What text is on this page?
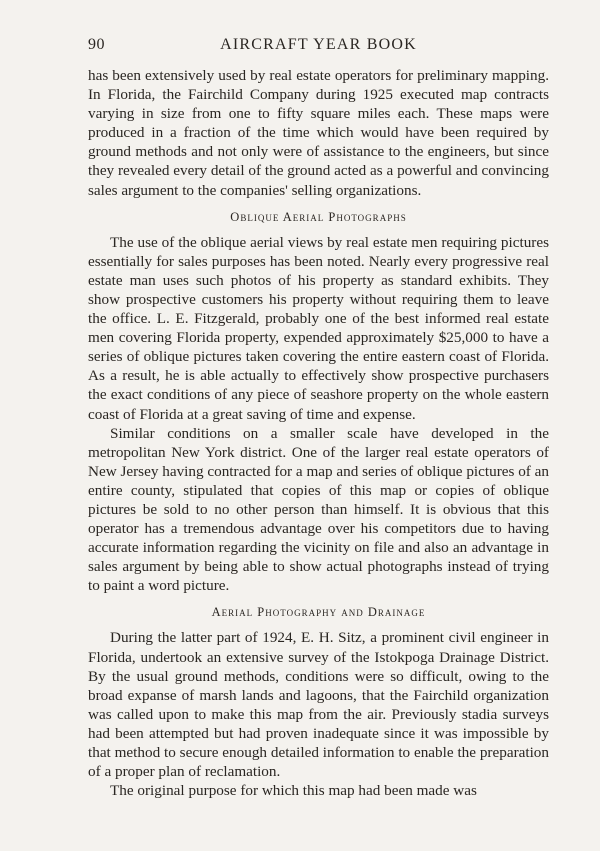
90	AIRCRAFT YEAR BOOK

has been extensively used by real estate operators for preliminary mapping. In Florida, the Fairchild Company during 1925 executed map contracts varying in size from one to fifty square miles each. These maps were produced in a fraction of the time which would have been required by ground methods and not only were of assistance to the engineers, but since they revealed every detail of the ground acted as a powerful and convincing sales argument to the companies' selling organizations.

Oblique Aerial Photographs

The use of the oblique aerial views by real estate men requiring pictures essentially for sales purposes has been noted. Nearly every progressive real estate man uses such photos of his property as standard exhibits. They show prospective customers his property without requiring them to leave the office. L. E. Fitzgerald, probably one of the best informed real estate men covering Florida property, expended approximately $25,000 to have a series of oblique pictures taken covering the entire eastern coast of Florida. As a result, he is able actually to effectively show prospective purchasers the exact conditions of any piece of seashore property on the whole eastern coast of Florida at a great saving of time and expense.

Similar conditions on a smaller scale have developed in the metropolitan New York district. One of the larger real estate operators of New Jersey having contracted for a map and series of oblique pictures of an entire county, stipulated that copies of this map or copies of oblique pictures be sold to no other person than himself. It is obvious that this operator has a tremendous advantage over his competitors due to having accurate information regarding the vicinity on file and also an advantage in sales argument by being able to show actual photographs instead of trying to paint a word picture.

Aerial Photography and Drainage

During the latter part of 1924, E. H. Sitz, a prominent civil engineer in Florida, undertook an extensive survey of the Istokpoga Drainage District. By the usual ground methods, conditions were so difficult, owing to the broad expanse of marsh lands and lagoons, that the Fairchild organization was called upon to make this map from the air. Previously stadia surveys had been attempted but had proven inadequate since it was impossible by that method to secure enough detailed information to enable the preparation of a proper plan of reclamation.

The original purpose for which this map had been made was
